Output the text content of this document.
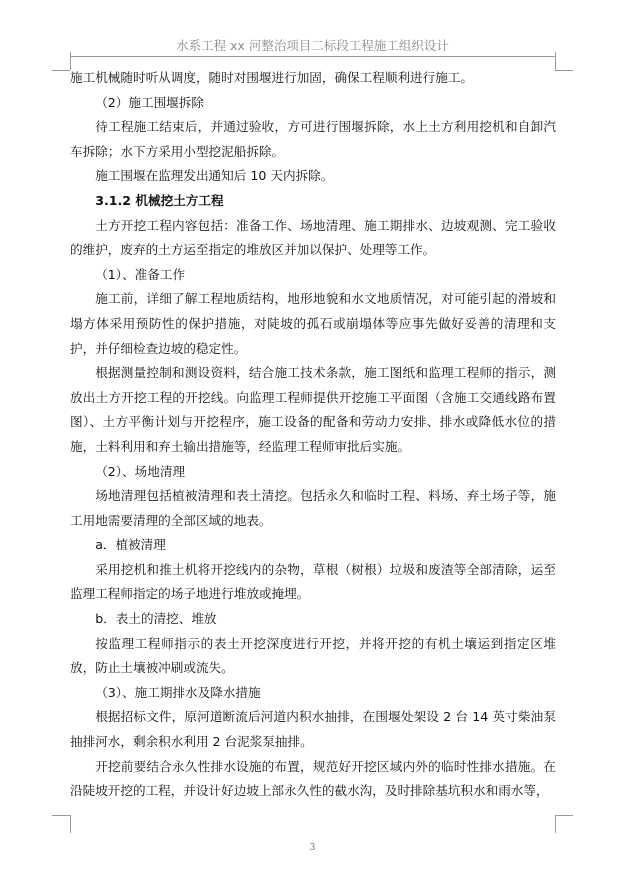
水系工程 xx 河整治项目二标段工程施工组织设计

施工机械随时听从调度，随时对围堰进行加固，确保工程顺利进行施工。

（2）施工围堰拆除

待工程施工结束后，并通过验收，方可进行围堰拆除，水上土方利用挖机和自卸汽车拆除；水下方采用小型挖泥船拆除。

施工围堰在监理发出通知后 10 天内拆除。

3.1.2 机械挖土方工程

土方开挖工程内容包括：准备工作、场地清理、施工期排水、边坡观测、完工验收的维护，废弃的土方运至指定的堆放区并加以保护、处理等工作。

（1）、准备工作

施工前，详细了解工程地质结构，地形地貌和水文地质情况，对可能引起的滑坡和塌方体采用预防性的保护措施，对陡坡的孤石或崩塌体等应事先做好妥善的清理和支护，并仔细检查边坡的稳定性。

根据测量控制和测设资料，结合施工技术条款，施工图纸和监理工程师的指示，测放出土方开挖工程的开挖线。向监理工程师提供开挖施工平面图（含施工交通线路布置图）、土方平衡计划与开挖程序，施工设备的配备和劳动力安排、排水或降低水位的措施，土料利用和弃土输出措施等，经监理工程师审批后实施。

（2）、场地清理

场地清理包括植被清理和表土清挖。包括永久和临时工程、料场、弃土场子等，施工用地需要清理的全部区域的地表。

a．植被清理

采用挖机和推土机将开挖线内的杂物，草根（树根）垃圾和废渣等全部清除，运至监理工程师指定的场子地进行堆放或掩埋。

b．表土的清挖、堆放

按监理工程师指示的表土开挖深度进行开挖，并将开挖的有机土壤运到指定区堆放，防止土壤被冲刷或流失。

（3）、施工期排水及降水措施

根据招标文件，原河道断流后河道内积水抽排，在围堰处架设 2 台 14 英寸柴油泵抽排河水，剩余积水利用 2 台泥浆泵抽排。

开挖前要结合永久性排水设施的布置，规范好开挖区域内外的临时性排水措施。在沿陡坡开挖的工程，并设计好边坡上部永久性的截水沟，及时排除基坑积水和雨水等，

3
